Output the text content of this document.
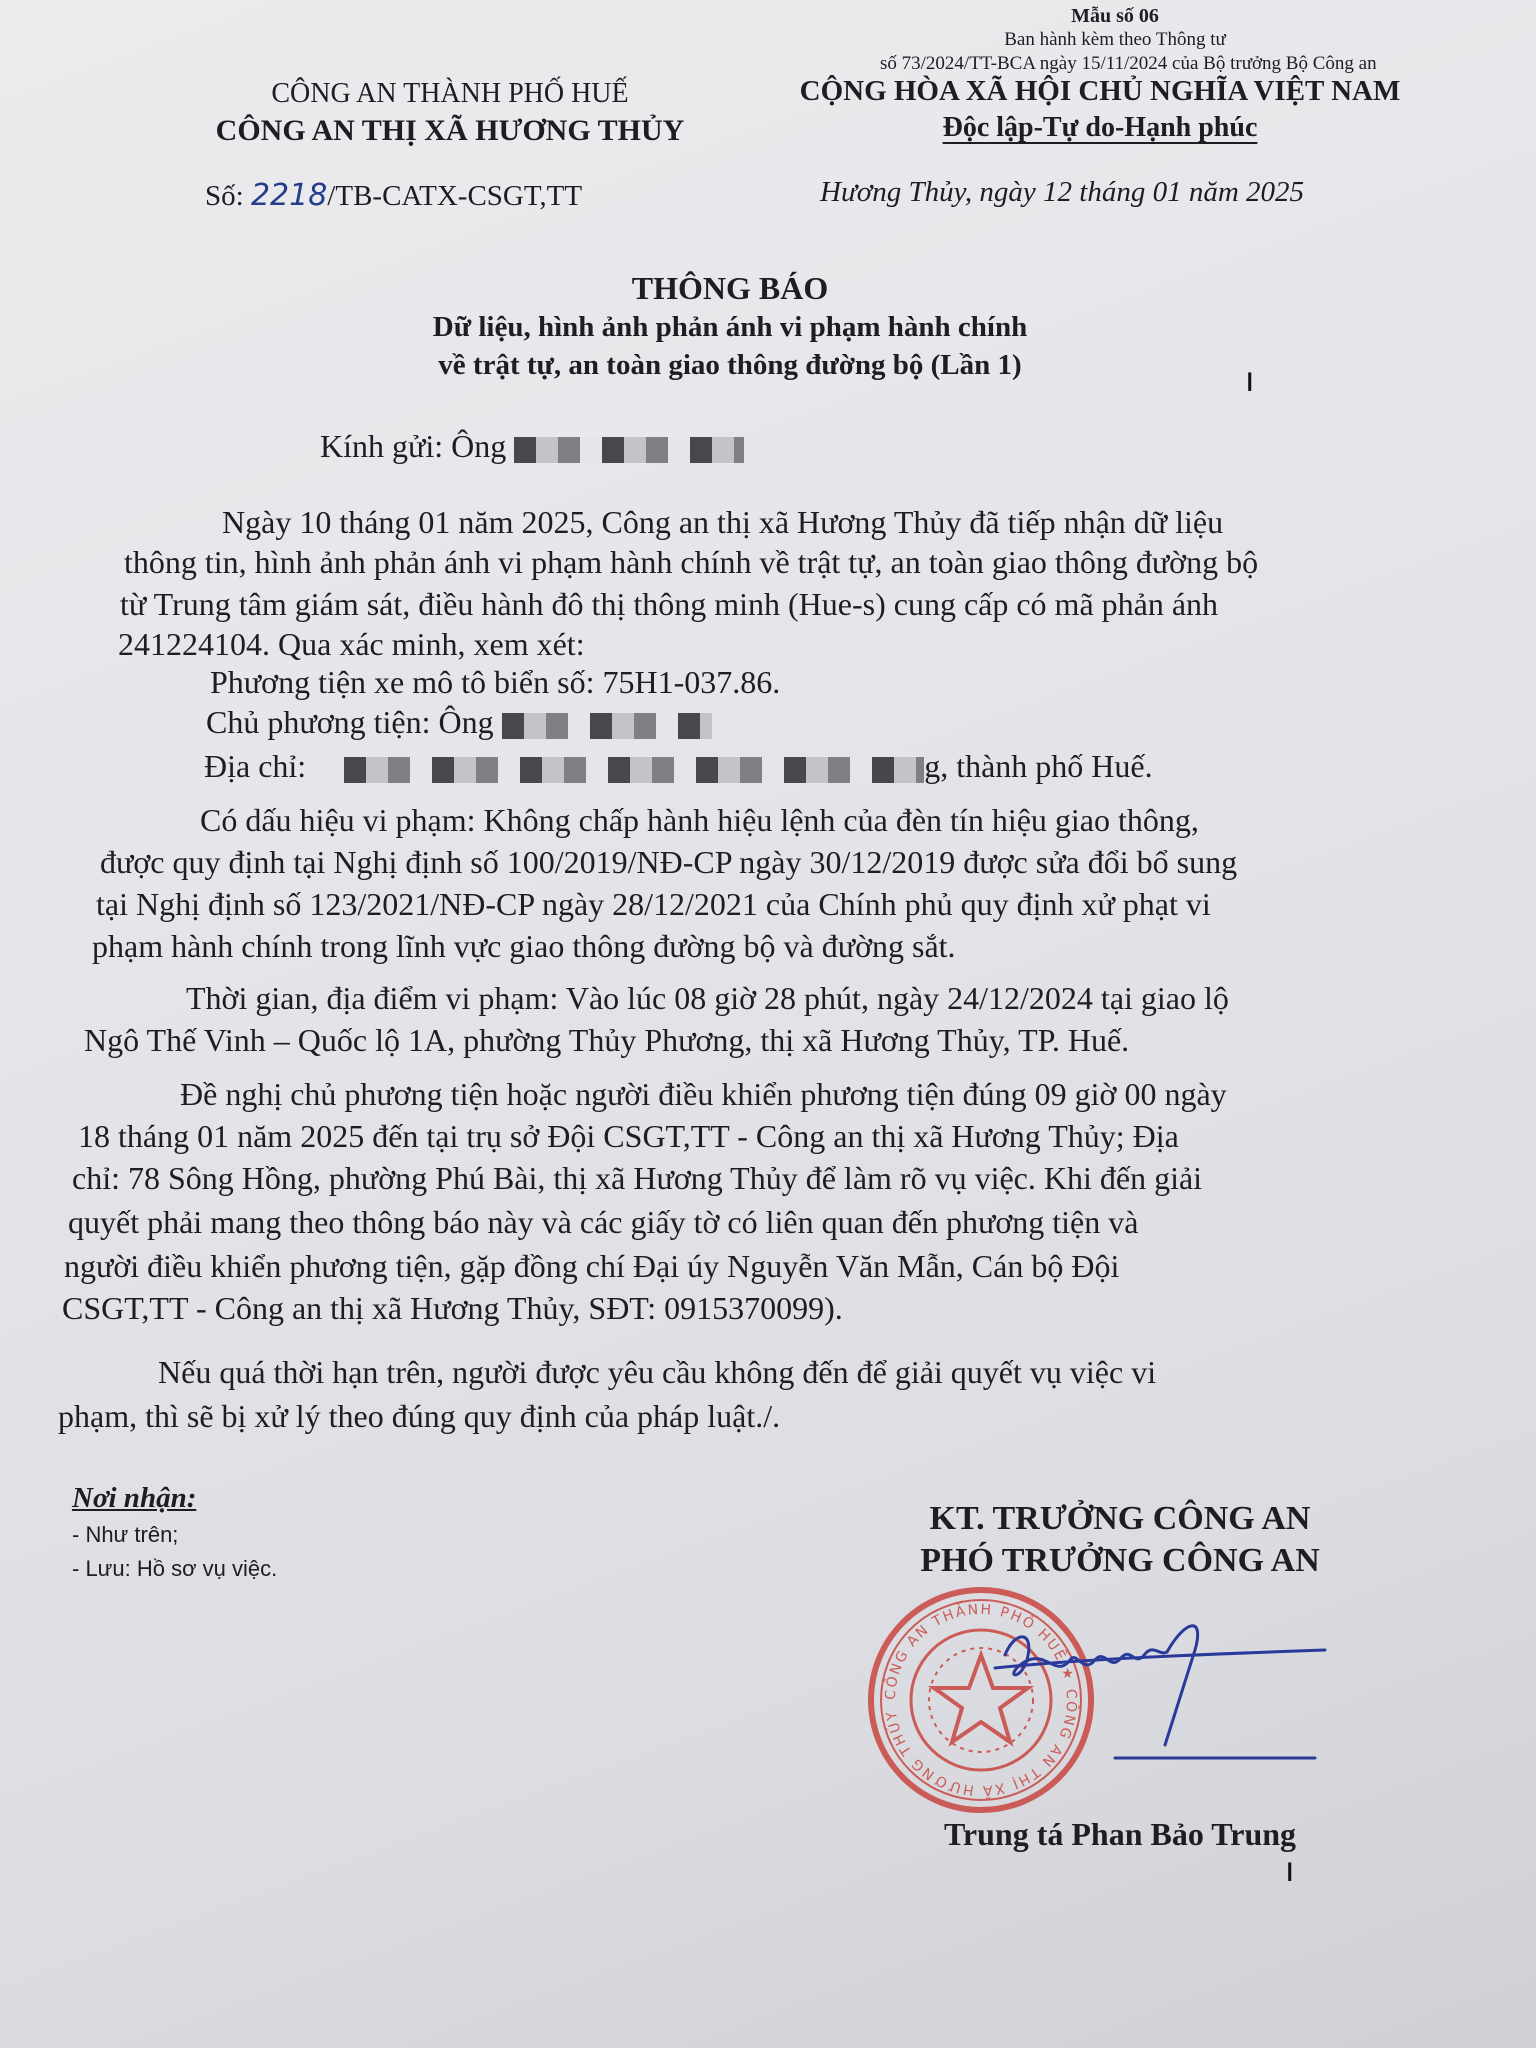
Mẫu số 06
Ban hành kèm theo Thông tư
số 73/2024/TT-BCA ngày 15/11/2024 của Bộ trưởng Bộ Công an
CÔNG AN THÀNH PHỐ HUẾ
CÔNG AN THỊ XÃ HƯƠNG THỦY
CỘNG HÒA XÃ HỘI CHỦ NGHĨA VIỆT NAM
Độc lập-Tự do-Hạnh phúc
Số: 2218/TB-CATX-CSGT,TT	Hương Thủy, ngày 12 tháng 01 năm 2025
THÔNG BÁO
Dữ liệu, hình ảnh phản ánh vi phạm hành chính
về trật tự, an toàn giao thông đường bộ (Lần 1)	ı
Kính gửi: Ông
Ngày 10 tháng 01 năm 2025, Công an thị xã Hương Thủy đã tiếp nhận dữ liệu
thông tin, hình ảnh phản ánh vi phạm hành chính về trật tự, an toàn giao thông đường bộ
từ Trung tâm giám sát, điều hành đô thị thông minh (Hue-s) cung cấp có mã phản ánh
241224104. Qua xác minh, xem xét:
Phương tiện xe mô tô biển số: 75H1-037.86.
Chủ phương tiện: Ông
Địa chỉ:	g, thành phố Huế.
Có dấu hiệu vi phạm: Không chấp hành hiệu lệnh của đèn tín hiệu giao thông,
được quy định tại Nghị định số 100/2019/NĐ-CP ngày 30/12/2019 được sửa đổi bổ sung
tại Nghị định số 123/2021/NĐ-CP ngày 28/12/2021 của Chính phủ quy định xử phạt vi
phạm hành chính trong lĩnh vực giao thông đường bộ và đường sắt.
Thời gian, địa điểm vi phạm: Vào lúc 08 giờ 28 phút, ngày 24/12/2024 tại giao lộ
Ngô Thế Vinh – Quốc lộ 1A, phường Thủy Phương, thị xã Hương Thủy, TP. Huế.
Đề nghị chủ phương tiện hoặc người điều khiển phương tiện đúng 09 giờ 00 ngày
18 tháng 01 năm 2025 đến tại trụ sở Đội CSGT,TT - Công an thị xã Hương Thủy; Địa
chỉ: 78 Sông Hồng, phường Phú Bài, thị xã Hương Thủy để làm rõ vụ việc. Khi đến giải
quyết phải mang theo thông báo này và các giấy tờ có liên quan đến phương tiện và
người điều khiển phương tiện, gặp đồng chí Đại úy Nguyễn Văn Mẫn, Cán bộ Đội
CSGT,TT - Công an thị xã Hương Thủy, SĐT: 0915370099).
Nếu quá thời hạn trên, người được yêu cầu không đến để giải quyết vụ việc vi
phạm, thì sẽ bị xử lý theo đúng quy định của pháp luật./.
Nơi nhận:
- Như trên;
- Lưu: Hồ sơ vụ việc.
KT. TRƯỞNG CÔNG AN
PHÓ TRƯỞNG CÔNG AN
CÔNG AN THÀNH PHỐ HUẾ ★ CÔNG AN THỊ XÃ HƯƠNG THỦY
Trung tá Phan Bảo Trung
ı
